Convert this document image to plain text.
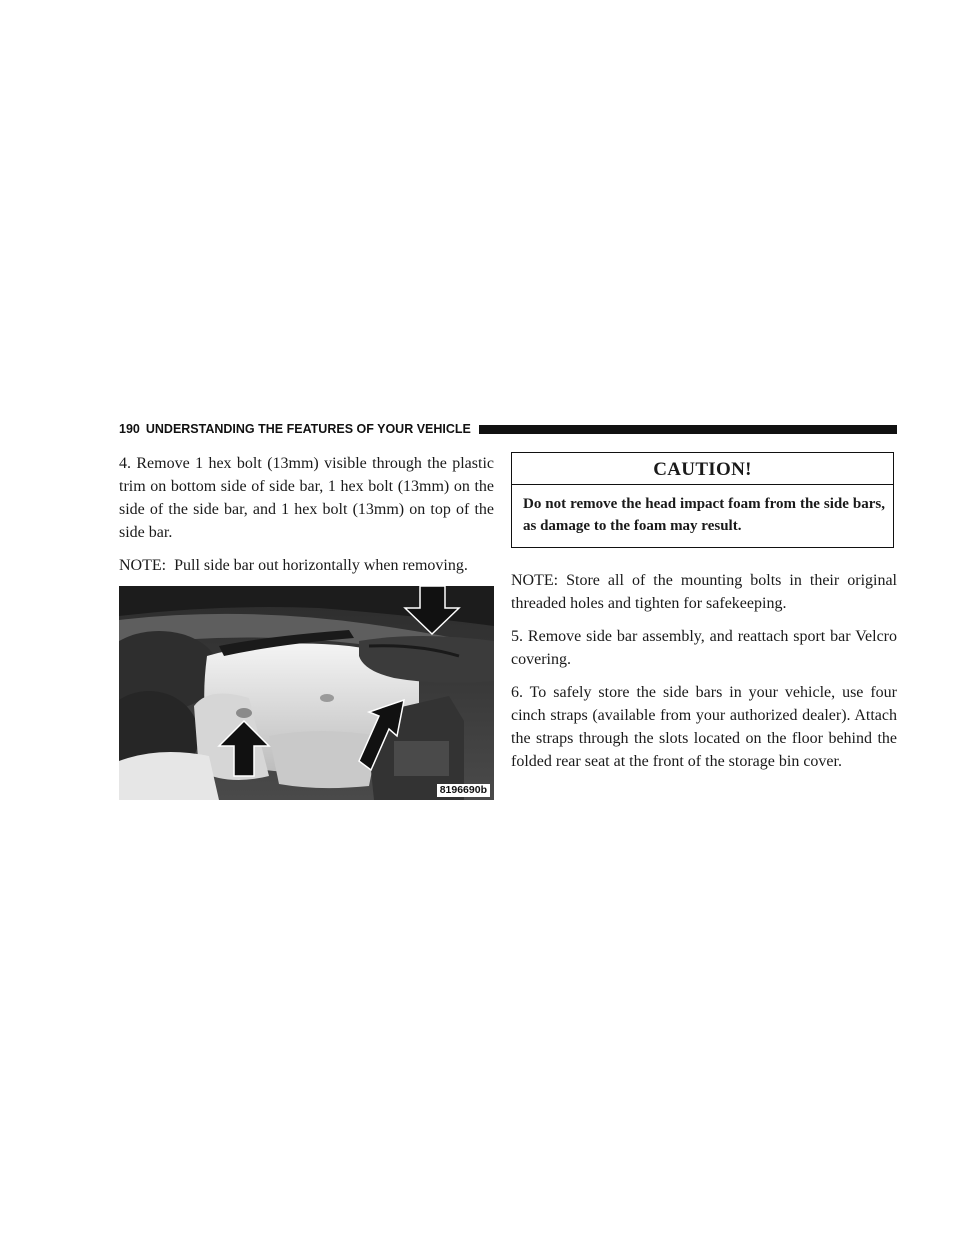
190 UNDERSTANDING THE FEATURES OF YOUR VEHICLE

4. Remove 1 hex bolt (13mm) visible through the plastic trim on bottom side of side bar, 1 hex bolt (13mm) on the side of the side bar, and 1 hex bolt (13mm) on top of the side bar.

NOTE: Pull side bar out horizontally when removing.

8196690b
CAUTION!
Do not remove the head impact foam from the side bars, as damage to the foam may result.

NOTE: Store all of the mounting bolts in their original threaded holes and tighten for safekeeping.

5. Remove side bar assembly, and reattach sport bar Velcro covering.

6. To safely store the side bars in your vehicle, use four cinch straps (available from your authorized dealer). Attach the straps through the slots located on the floor behind the folded rear seat at the front of the storage bin cover.
